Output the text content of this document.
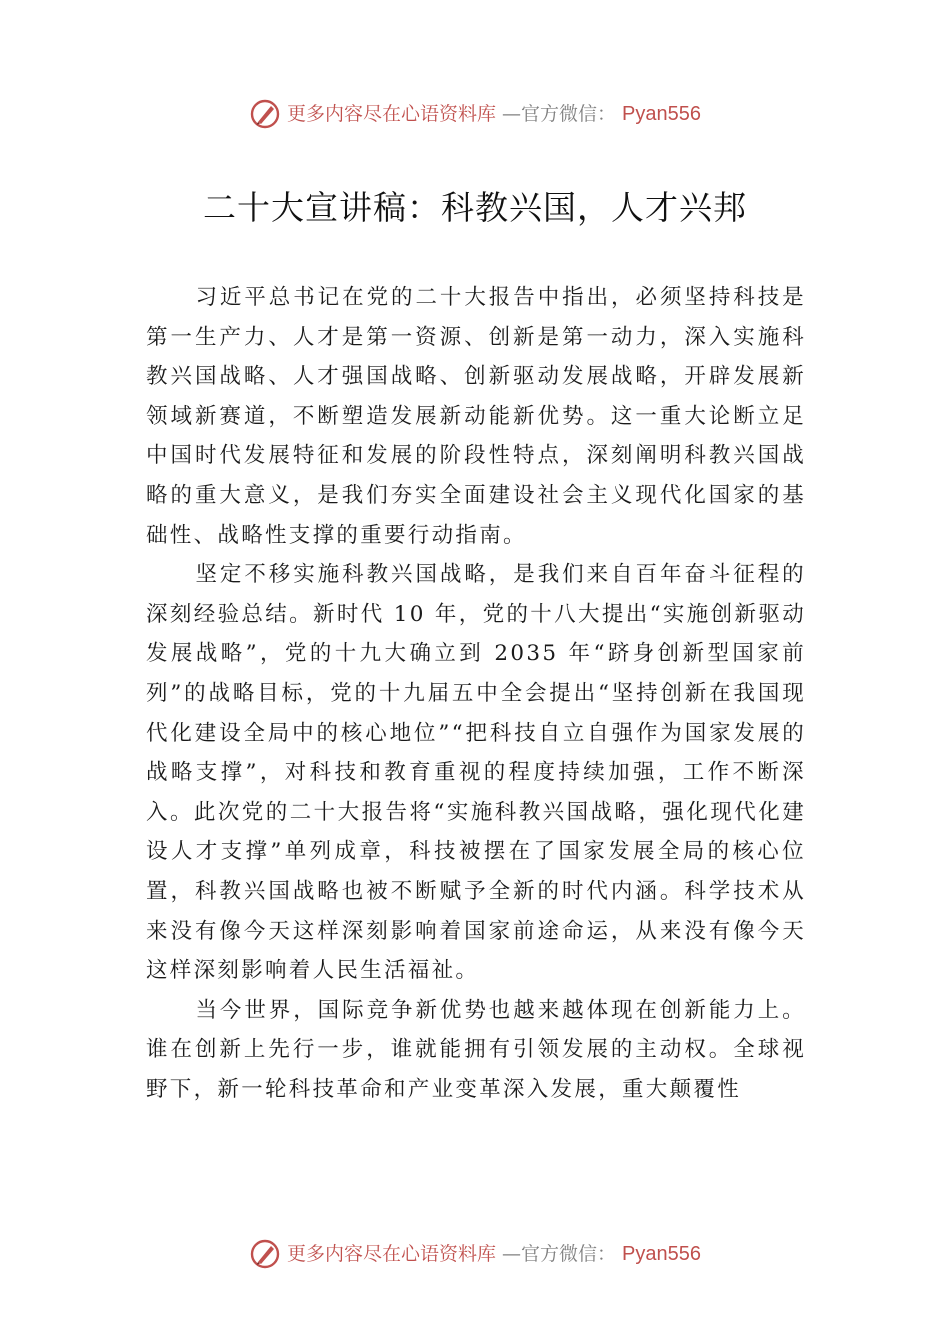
更多内容尽在心语资料库 —官方微信： Pyan556
二十大宣讲稿：科教兴国，人才兴邦

习近平总书记在党的二十大报告中指出，必须坚持科技是第一生产力、人才是第一资源、创新是第一动力，深入实施科教兴国战略、人才强国战略、创新驱动发展战略，开辟发展新领域新赛道，不断塑造发展新动能新优势。这一重大论断立足中国时代发展特征和发展的阶段性特点，深刻阐明科教兴国战略的重大意义，是我们夯实全面建设社会主义现代化国家的基础性、战略性支撑的重要行动指南。

坚定不移实施科教兴国战略，是我们来自百年奋斗征程的深刻经验总结。新时代 10 年，党的十八大提出“实施创新驱动发展战略”，党的十九大确立到 2035 年“跻身创新型国家前列”的战略目标，党的十九届五中全会提出“坚持创新在我国现代化建设全局中的核心地位”“把科技自立自强作为国家发展的战略支撑”，对科技和教育重视的程度持续加强，工作不断深入。此次党的二十大报告将“实施科教兴国战略，强化现代化建设人才支撑”单列成章，科技被摆在了国家发展全局的核心位置，科教兴国战略也被不断赋予全新的时代内涵。科学技术从来没有像今天这样深刻影响着国家前途命运，从来没有像今天这样深刻影响着人民生活福祉。

当今世界，国际竞争新优势也越来越体现在创新能力上。谁在创新上先行一步，谁就能拥有引领发展的主动权。全球视野下，新一轮科技革命和产业变革深入发展，重大颠覆性

更多内容尽在心语资料库 —官方微信： Pyan556
